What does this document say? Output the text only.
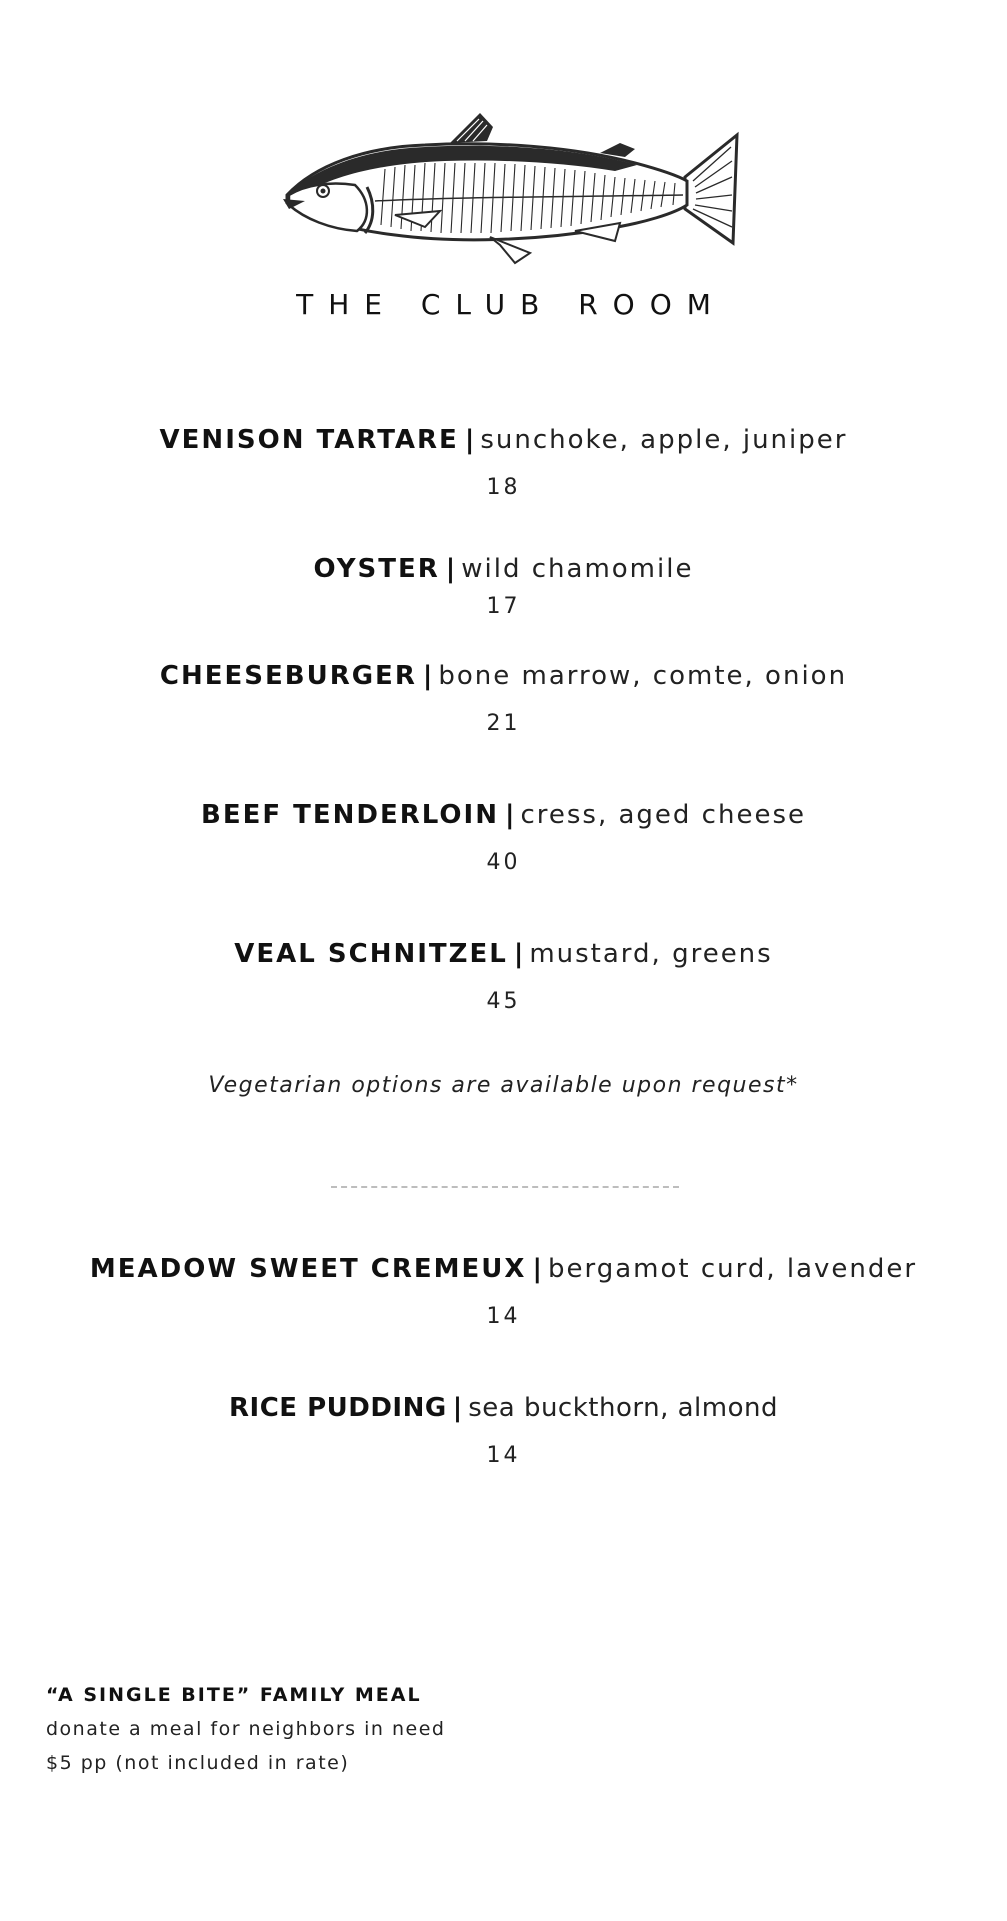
THE CLUB ROOM
VENISON TARTARE | sunchoke, apple, juniper
18
OYSTER | wild chamomile
17
CHEESEBURGER | bone marrow, comte, onion
21
BEEF TENDERLOIN | cress, aged cheese
40
VEAL SCHNITZEL | mustard, greens
45
Vegetarian options are available upon request*
MEADOW SWEET CREMEUX | bergamot curd, lavender
14
RICE PUDDING | sea buckthorn, almond
14
“A SINGLE BITE” FAMILY MEAL
donate a meal for neighbors in need
$5 pp (not included in rate)
